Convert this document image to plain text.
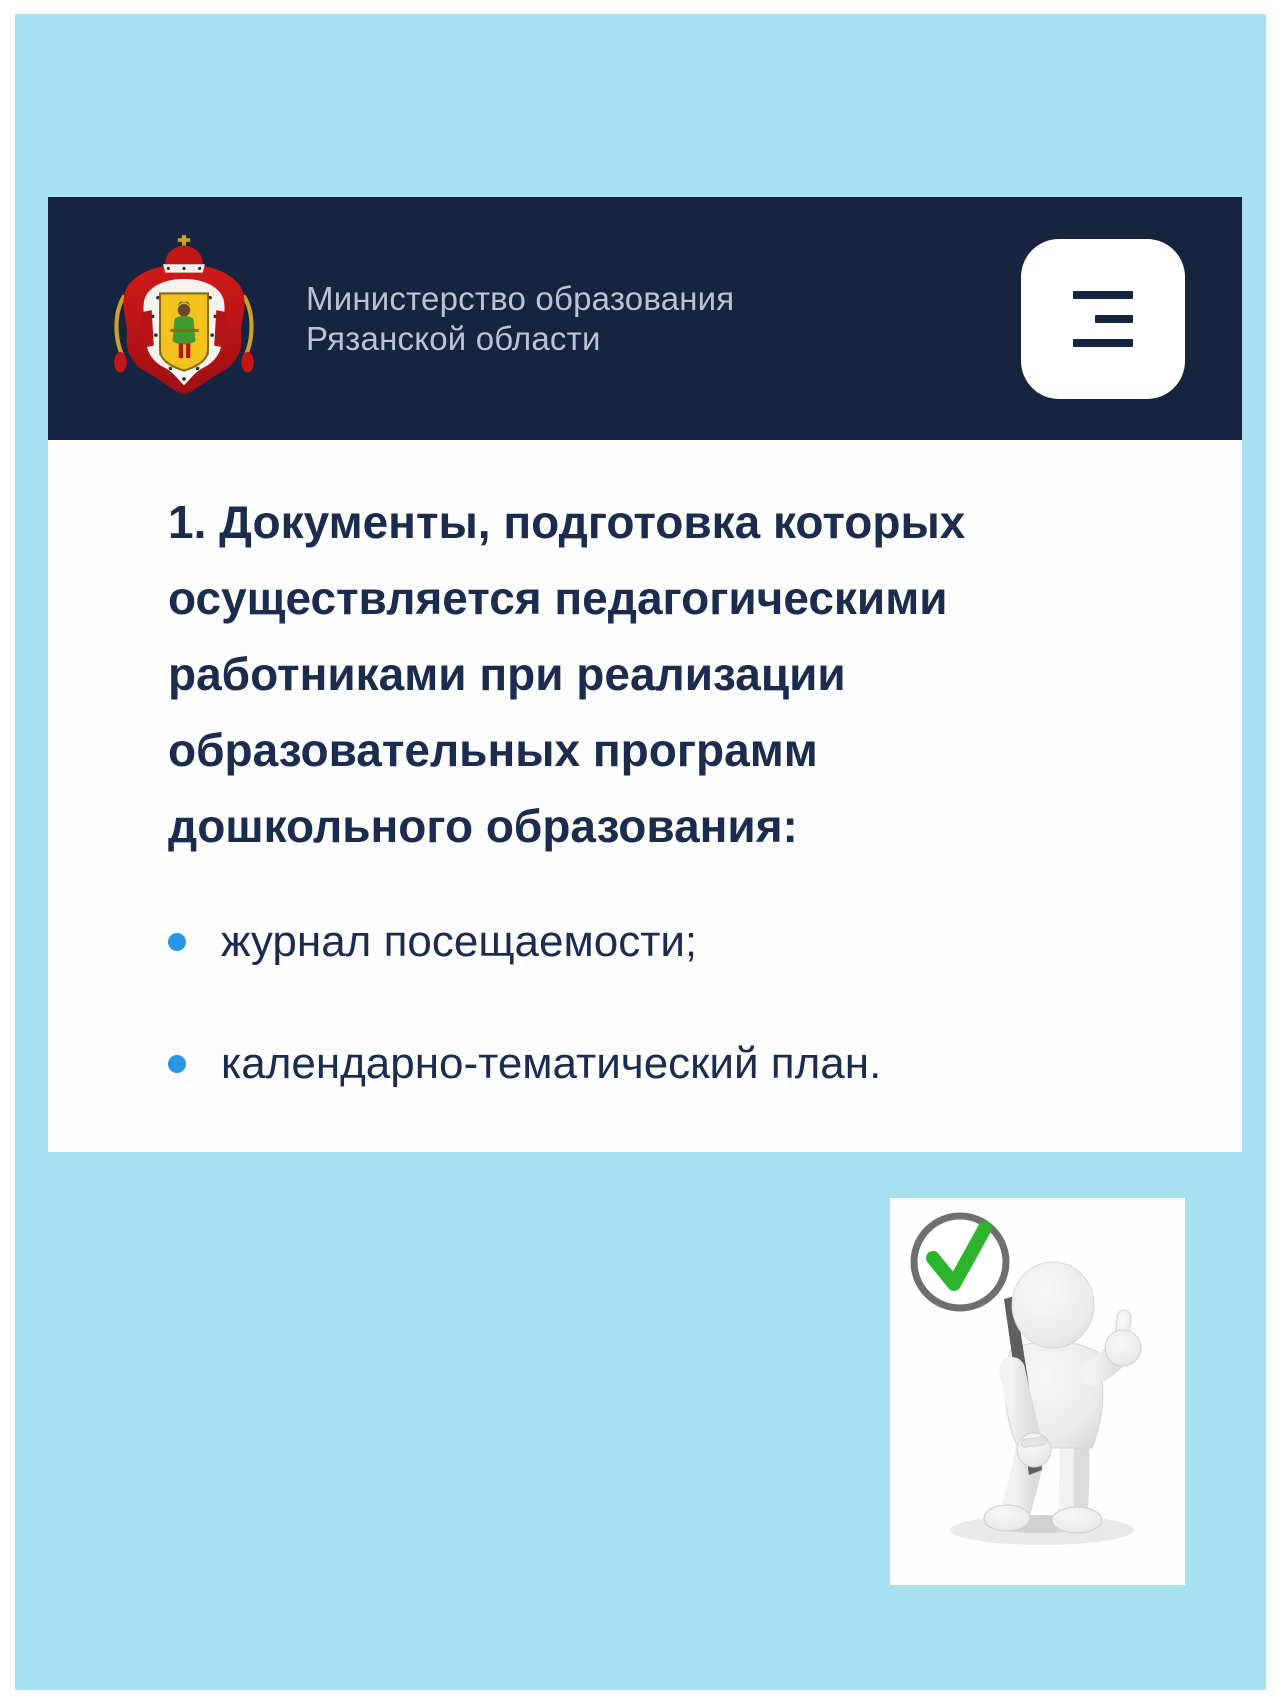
Министерство образования
Рязанской области
1. Документы, подготовка которых
осуществляется педагогическими
работниками при реализации
образовательных программ
дошкольного образования:
журнал посещаемости;
календарно-тематический план.
